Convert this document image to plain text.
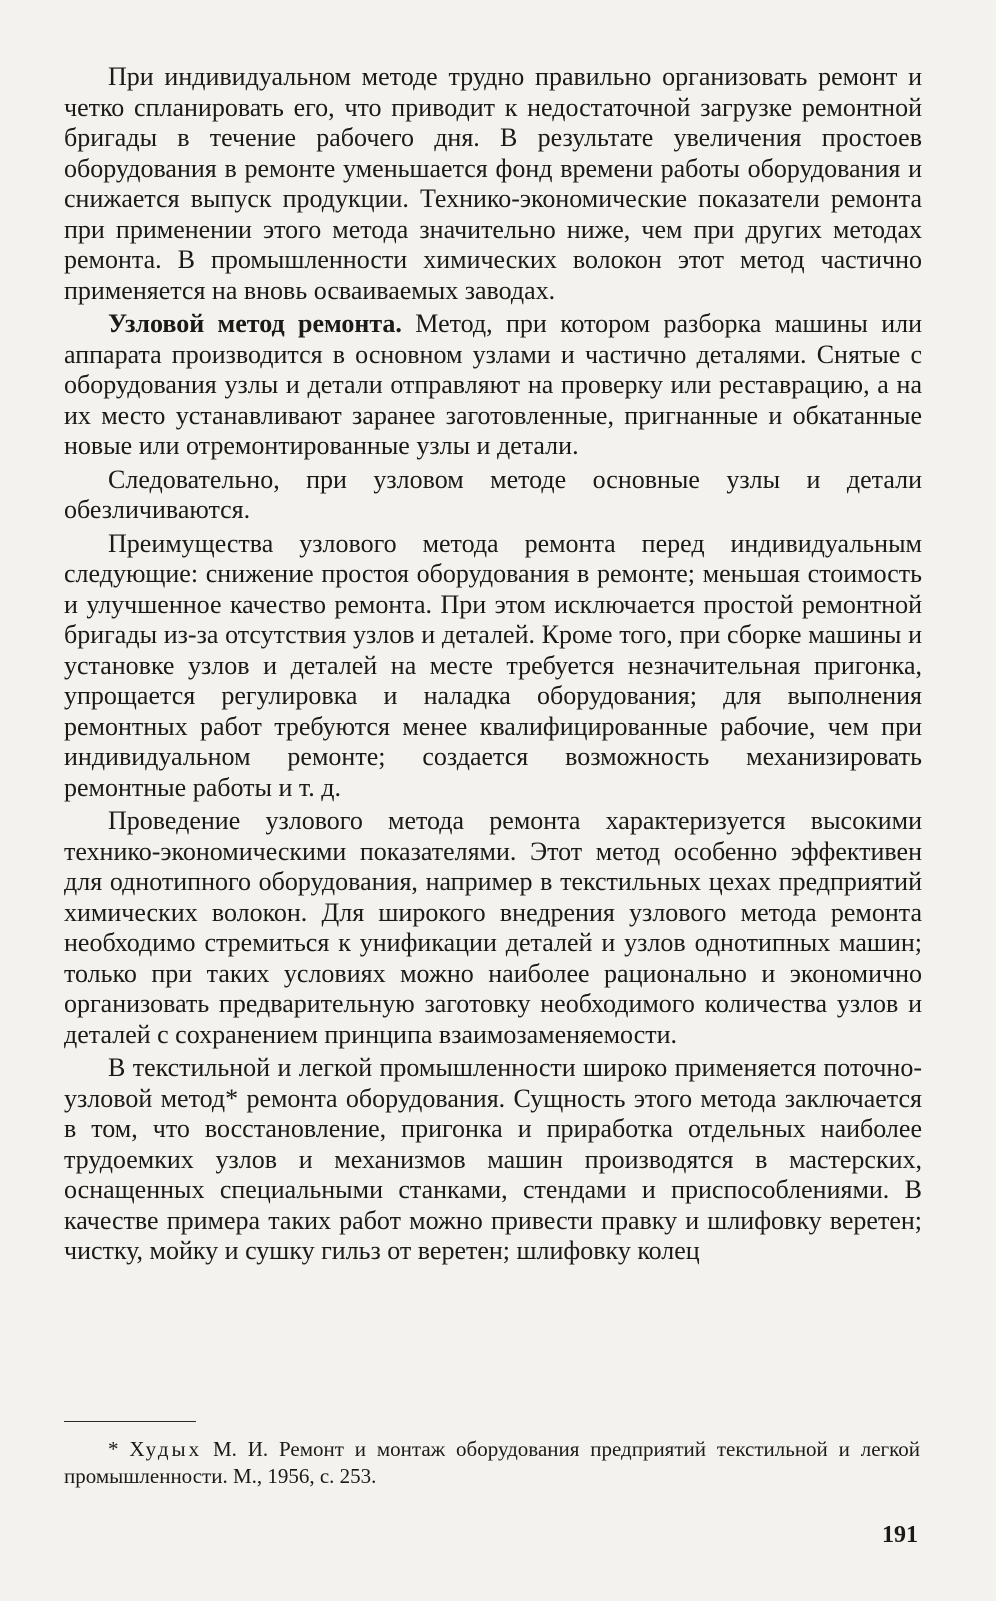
При индивидуальном методе трудно правильно организовать ремонт и четко спланировать его, что приводит к недостаточной загрузке ремонтной бригады в течение рабочего дня. В результате увеличения простоев оборудования в ремонте уменьшается фонд времени работы оборудования и снижается выпуск продукции. Технико-экономические показатели ремонта при применении этого метода значительно ниже, чем при других методах ремонта. В промышленности химических волокон этот метод частично применяется на вновь осваиваемых заводах.

Узловой метод ремонта. Метод, при котором разборка машины или аппарата производится в основном узлами и частично деталями. Снятые с оборудования узлы и детали отправляют на проверку или реставрацию, а на их место устанавливают заранее заготовленные, пригнанные и обкатанные новые или отремонтированные узлы и детали.

Следовательно, при узловом методе основные узлы и детали обезличиваются.

Преимущества узлового метода ремонта перед индивидуальным следующие: снижение простоя оборудования в ремонте; меньшая стоимость и улучшенное качество ремонта. При этом исключается простой ремонтной бригады из-за отсутствия узлов и деталей. Кроме того, при сборке машины и установке узлов и деталей на месте требуется незначительная пригонка, упрощается регулировка и наладка оборудования; для выполнения ремонтных работ требуются менее квалифицированные рабочие, чем при индивидуальном ремонте; создается возможность механизировать ремонтные работы и т. д.

Проведение узлового метода ремонта характеризуется высокими технико-экономическими показателями. Этот метод особенно эффективен для однотипного оборудования, например в текстильных цехах предприятий химических волокон. Для широкого внедрения узлового метода ремонта необходимо стремиться к унификации деталей и узлов однотипных машин; только при таких условиях можно наиболее рационально и экономично организовать предварительную заготовку необходимого количества узлов и деталей с сохранением принципа взаимозаменяемости.

В текстильной и легкой промышленности широко применяется поточно-узловой метод* ремонта оборудования. Сущность этого метода заключается в том, что восстановление, пригонка и приработка отдельных наиболее трудоемких узлов и механизмов машин производятся в мастерских, оснащенных специальными станками, стендами и приспособлениями. В качестве примера таких работ можно привести правку и шлифовку веретен; чистку, мойку и сушку гильз от веретен; шлифовку колец

* Худых М. И. Ремонт и монтаж оборудования предприятий текстильной и легкой промышленности. М., 1956, с. 253.
191
